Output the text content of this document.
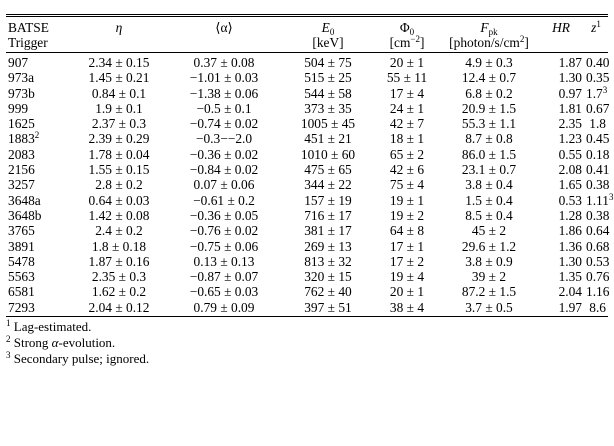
BATSE	η	⟨α⟩	$E_0$	$\Phi_0$	$F_{pk}$	HR	$z^1$
Trigger			[keV]	$[cm^{-2}]$	$[photon/s/cm^2]$		

907	2.34 ± 0.15	0.37 ± 0.08	504 ± 75	20 ± 1	4.9 ± 0.3	1.87	0.40
973a	1.45 ± 0.21	−1.01 ± 0.03	515 ± 25	55 ± 11	12.4 ± 0.7	1.30	0.35
973b	0.84 ± 0.1	−1.38 ± 0.06	544 ± 58	17 ± 4	6.8 ± 0.2	0.97	$1.7^3$
999	1.9 ± 0.1	−0.5 ± 0.1	373 ± 35	24 ± 1	20.9 ± 1.5	1.81	0.67
1625	2.37 ± 0.3	−0.74 ± 0.02	1005 ± 45	42 ± 7	55.3 ± 1.1	2.35	1.8
1883$^2$	2.39 ± 0.29	−0.3−−2.0	451 ± 21	18 ± 1	8.7 ± 0.8	1.23	0.45
2083	1.78 ± 0.04	−0.36 ± 0.02	1010 ± 60	65 ± 2	86.0 ± 1.5	0.55	0.18
2156	1.55 ± 0.15	−0.84 ± 0.02	475 ± 65	42 ± 6	23.1 ± 0.7	2.08	0.41
3257	2.8 ± 0.2	0.07 ± 0.06	344 ± 22	75 ± 4	3.8 ± 0.4	1.65	0.38
3648a	0.64 ± 0.03	−0.61 ± 0.2	157 ± 19	19 ± 1	1.5 ± 0.4	0.53	1.11$^3$
3648b	1.42 ± 0.08	−0.36 ± 0.05	716 ± 17	19 ± 2	8.5 ± 0.4	1.28	0.38
3765	2.4 ± 0.2	−0.76 ± 0.02	381 ± 17	64 ± 8	45 ± 2	1.86	0.64
3891	1.8 ± 0.18	−0.75 ± 0.06	269 ± 13	17 ± 1	29.6 ± 1.2	1.36	0.68
5478	1.87 ± 0.16	0.13 ± 0.13	813 ± 32	17 ± 2	3.8 ± 0.9	1.30	0.53
5563	2.35 ± 0.3	−0.87 ± 0.07	320 ± 15	19 ± 4	39 ± 2	1.35	0.76
6581	1.62 ± 0.2	−0.65 ± 0.03	762 ± 40	20 ± 1	87.2 ± 1.5	2.04	1.16
7293	2.04 ± 0.12	0.79 ± 0.09	397 ± 51	38 ± 4	3.7 ± 0.5	1.97	8.6
$^1$ Lag-estimated.
$^2$ Strong α-evolution.
$^3$ Secondary pulse; ignored.
